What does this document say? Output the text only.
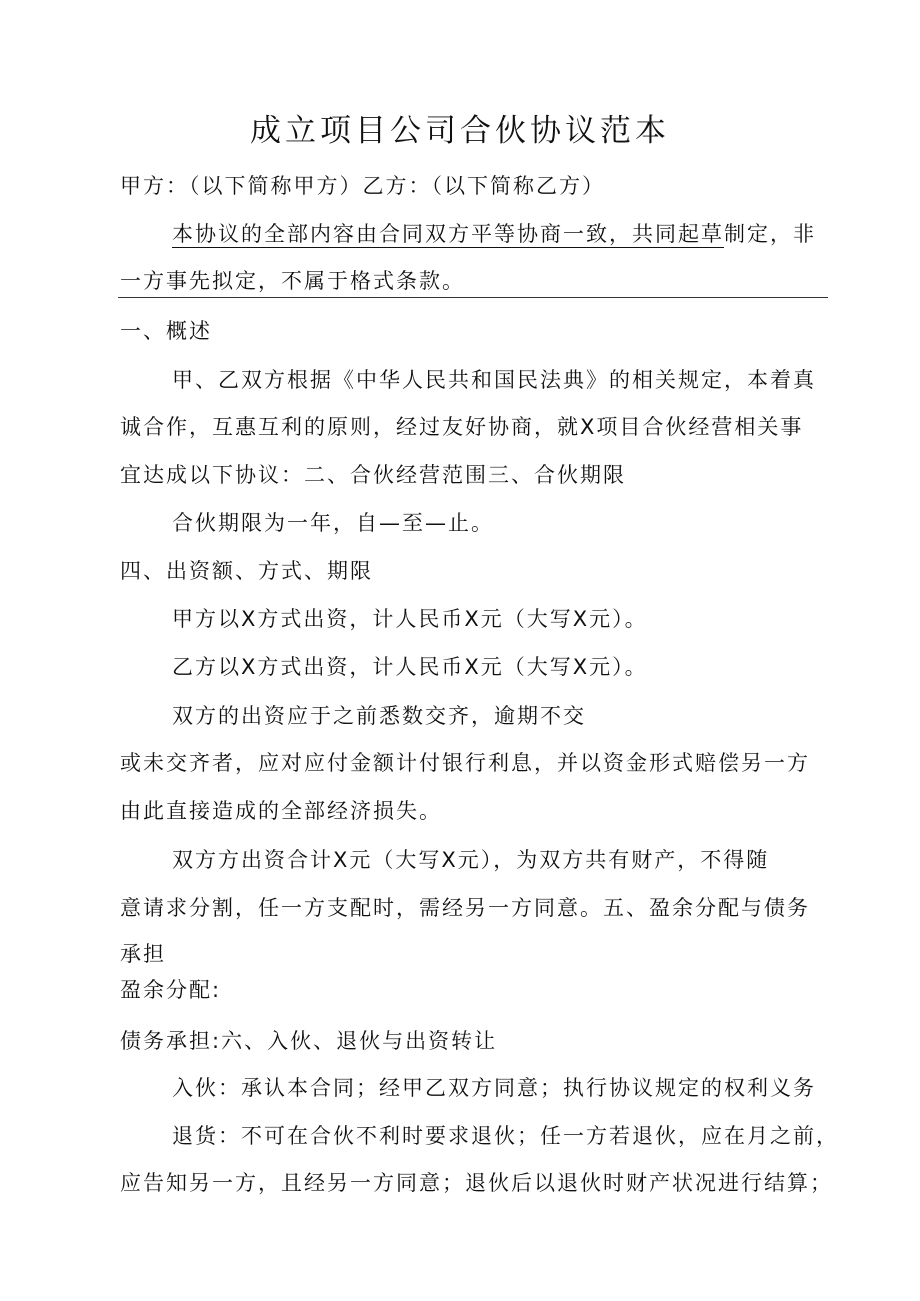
成立项目公司合伙协议范本
甲方：（以下简称甲方）乙方：（以下简称乙方）
本协议的全部内容由合同双方平等协商一致，共同起草制定，非
一方事先拟定，不属于格式条款。
一、概述
甲、乙双方根据《中华人民共和国民法典》的相关规定，本着真
诚合作，互惠互利的原则，经过友好协商，就X项目合伙经营相关事
宜达成以下协议：二、合伙经营范围三、合伙期限
合伙期限为一年，自—至—止。
四、出资额、方式、期限
甲方以X方式出资，计人民币X元（大写X元）。
乙方以X方式出资，计人民币X元（大写X元）。
双方的出资应于之前悉数交齐，逾期不交
或未交齐者，应对应付金额计付银行利息，并以资金形式赔偿另一方
由此直接造成的全部经济损失。
双方方出资合计X元（大写X元），为双方共有财产，不得随
意请求分割，任一方支配时，需经另一方同意。五、盈余分配与债务
承担
盈余分配:
债务承担:六、入伙、退伙与出资转让
入伙：承认本合同；经甲乙双方同意；执行协议规定的权利义务
退货：不可在合伙不利时要求退伙；任一方若退伙，应在月之前，
应告知另一方，且经另一方同意；退伙后以退伙时财产状况进行结算；
